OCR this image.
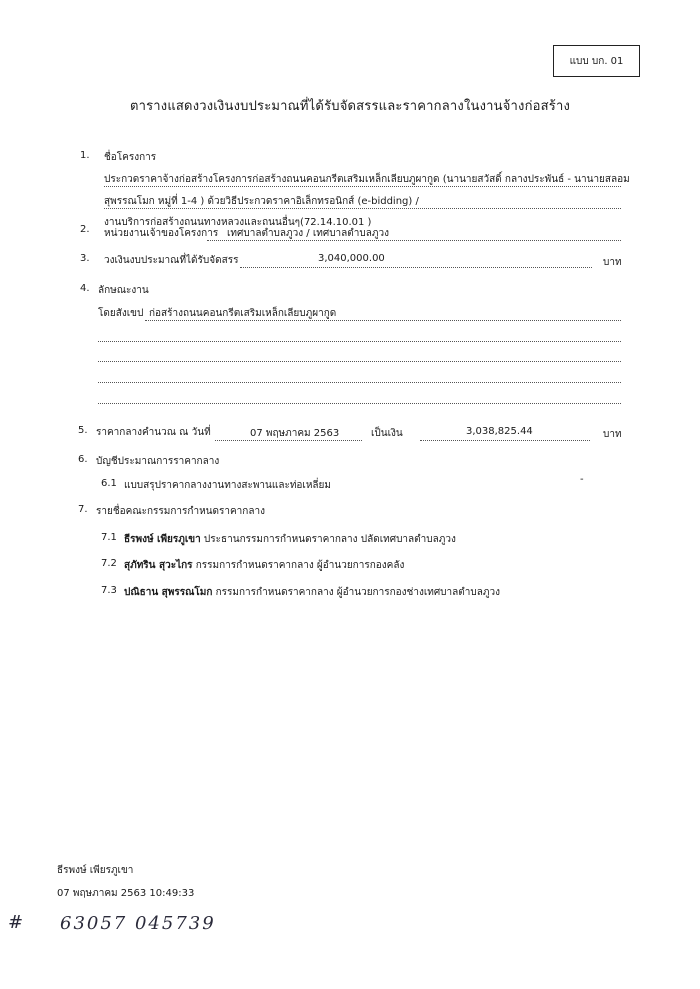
แบบ บก. 01
ตารางแสดงวงเงินงบประมาณที่ได้รับจัดสรรและราคากลางในงานจ้างก่อสร้าง
1. ชื่อโครงการ
ประกวดราคาจ้างก่อสร้างโครงการก่อสร้างถนนคอนกรีตเสริมเหล็กเลียบภูผากูด (นานายสวัสดิ์ กลางประพันธ์ - นานายสลอม
สุพรรณโมก หมู่ที่ 1-4 ) ด้วยวิธีประกวดราคาอิเล็กทรอนิกส์ (e-bidding) /
งานบริการก่อสร้างถนนทางหลวงและถนนอื่นๆ(72.14.10.01 )
2. หน่วยงานเจ้าของโครงการ เทศบาลตำบลภูวง / เทศบาลตำบลภูวง
3. วงเงินงบประมาณที่ได้รับจัดสรร	3,040,000.00	บาท
4. ลักษณะงาน
โดยสังเขป ก่อสร้างถนนคอนกรีตเสริมเหล็กเลียบภูผากูด
5. ราคากลางคำนวณ ณ วันที่	07 พฤษภาคม 2563	เป็นเงิน	3,038,825.44	บาท
6. บัญชีประมาณการราคากลาง
6.1 แบบสรุปราคากลางงานทางสะพานและท่อเหลี่ยม
-
7. รายชื่อคณะกรรมการกำหนดราคากลาง
7.1 ธีรพงษ์ เพียรภูเขา ประธานกรรมการกำหนดราคากลาง ปลัดเทศบาลตำบลภูวง
7.2 สุภัทริน สุวะไกร กรรมการกำหนดราคากลาง ผู้อำนวยการกองคลัง
7.3 ปณิธาน สุพรรณโมก กรรมการกำหนดราคากลาง ผู้อำนวยการกองช่างเทศบาลตำบลภูวง
ธีรพงษ์ เพียรภูเขา
07 พฤษภาคม 2563 10:49:33
# 63057 045739
